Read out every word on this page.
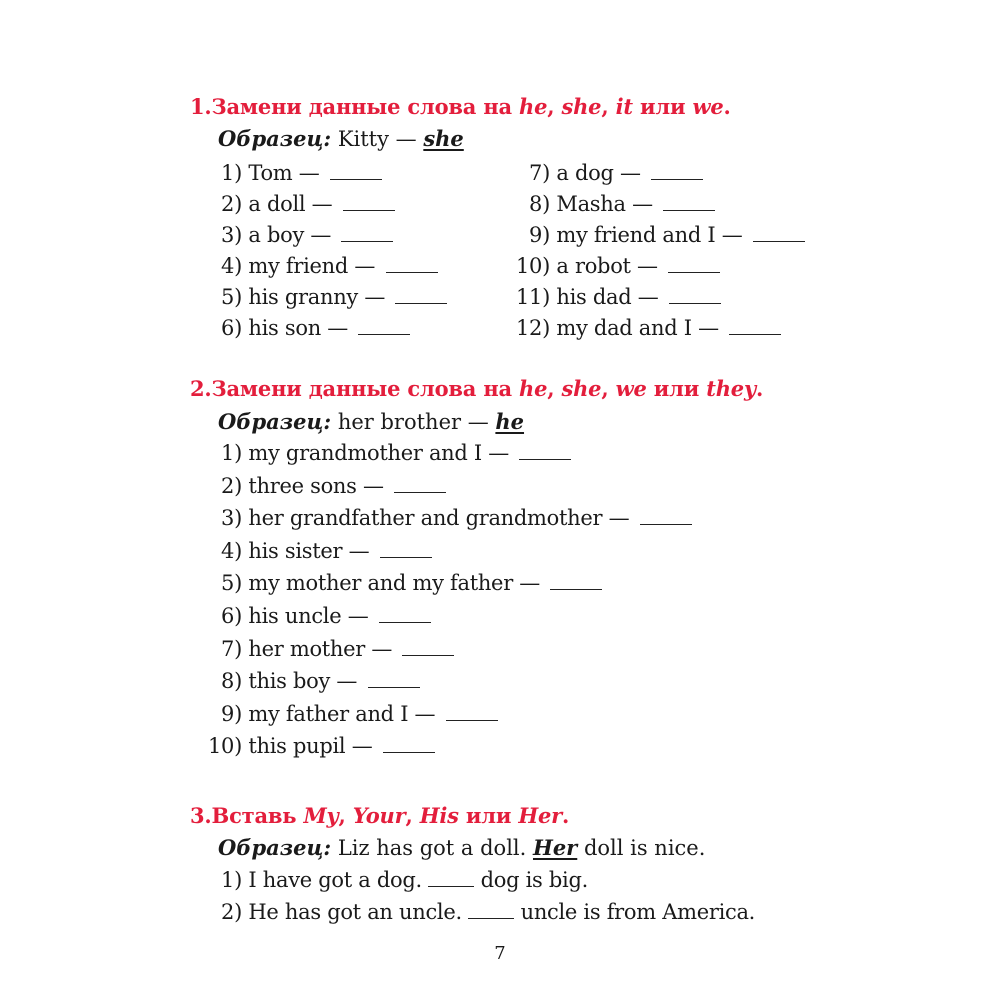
1.Замени данные слова на he, she, it или we.
Образец: Kitty — she
1) Tom —
2) a doll —
3) a boy —
4) my friend —
5) his granny —
6) his son —
7) a dog —
8) Masha —
9) my friend and I —
10) a robot —
11) his dad —
12) my dad and I —
2.Замени данные слова на he, she, we или they.
Образец: her brother — he
1) my grandmother and I —
2) three sons —
3) her grandfather and grandmother —
4) his sister —
5) my mother and my father —
6) his uncle —
7) her mother —
8) this boy —
9) my father and I —
10) this pupil —
3.Вставь My, Your, His или Her.
Образец: Liz has got a doll. Her doll is nice.
1) I have got a dog.  dog is big.
2) He has got an uncle.  uncle is from America.
7
